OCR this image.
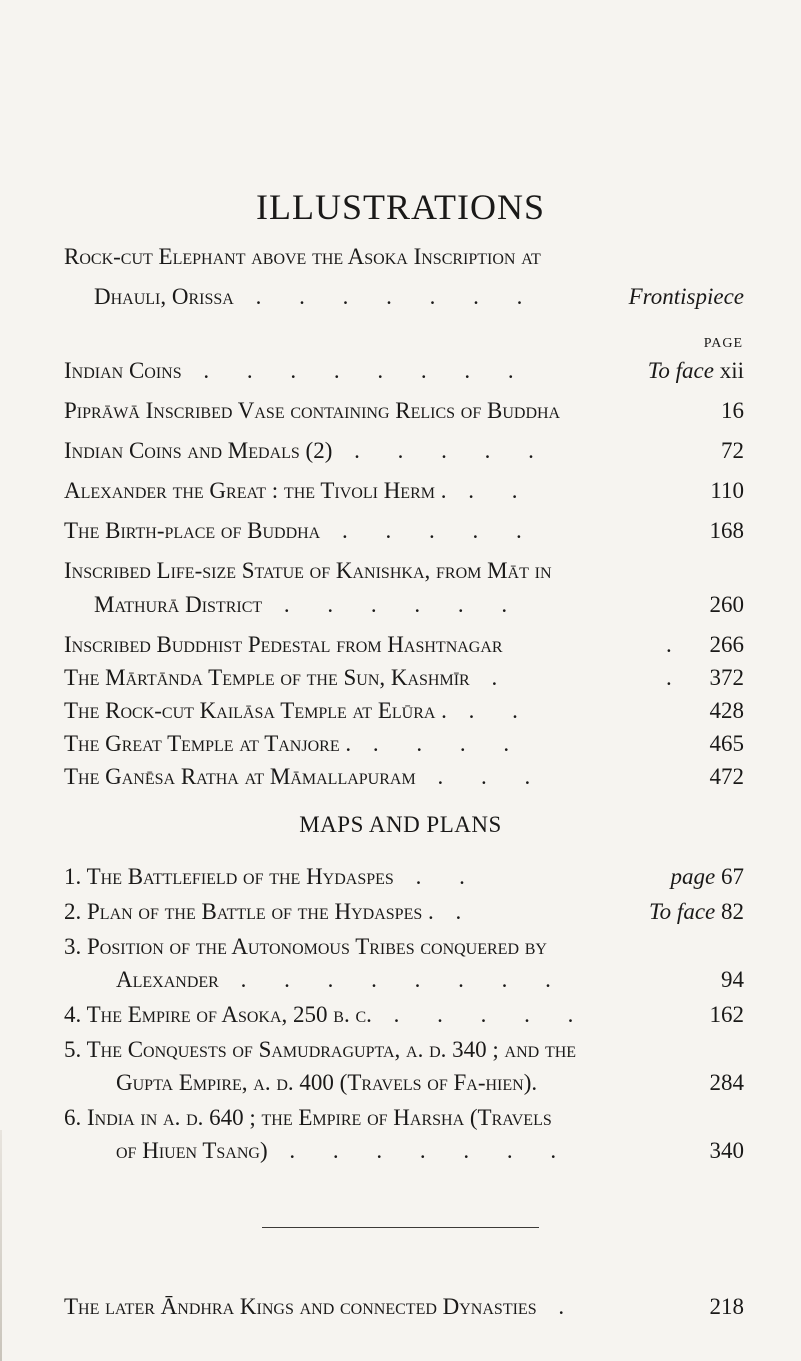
ILLUSTRATIONS
Rock-cut Elephant above the Asoka Inscription at
Dhauli, Orissa . . . . . . .	Frontispiece
PAGE
Indian Coins . . . . . . . .	To face xii
Piprāwā Inscribed Vase containing Relics of Buddha	16
Indian Coins and Medals (2) . . . . .	72
Alexander the Great : the Tivoli Herm . . .	110
The Birth-place of Buddha . . . . .	168
Inscribed Life-size Statue of Kanishka, from Māt in
Mathurā District . . . . . .	260
Inscribed Buddhist Pedestal from Hashtnagar	. 266
The Mārtānda Temple of the Sun, Kashmīr .	. 372
The Rock-cut Kailāsa Temple at Elūra . . .	428
The Great Temple at Tanjore . . . . .	465
The Ganēsa Ratha at Māmallapuram . . .	472
MAPS AND PLANS
1. The Battlefield of the Hydaspes . .	page 67
2. Plan of the Battle of the Hydaspes . .	To face 82
3. Position of the Autonomous Tribes conquered by
Alexander . . . . . . . .	94
4. The Empire of Asoka, 250 b. c. . . . . .	162
5. The Conquests of Samudragupta, a. d. 340 ; and the
Gupta Empire, a. d. 400 (Travels of Fa-hien).	284
6. India in a. d. 640 ; the Empire of Harsha (Travels
of Hiuen Tsang) . . . . . . .	340
The later Āndhra Kings and connected Dynasties .	218
